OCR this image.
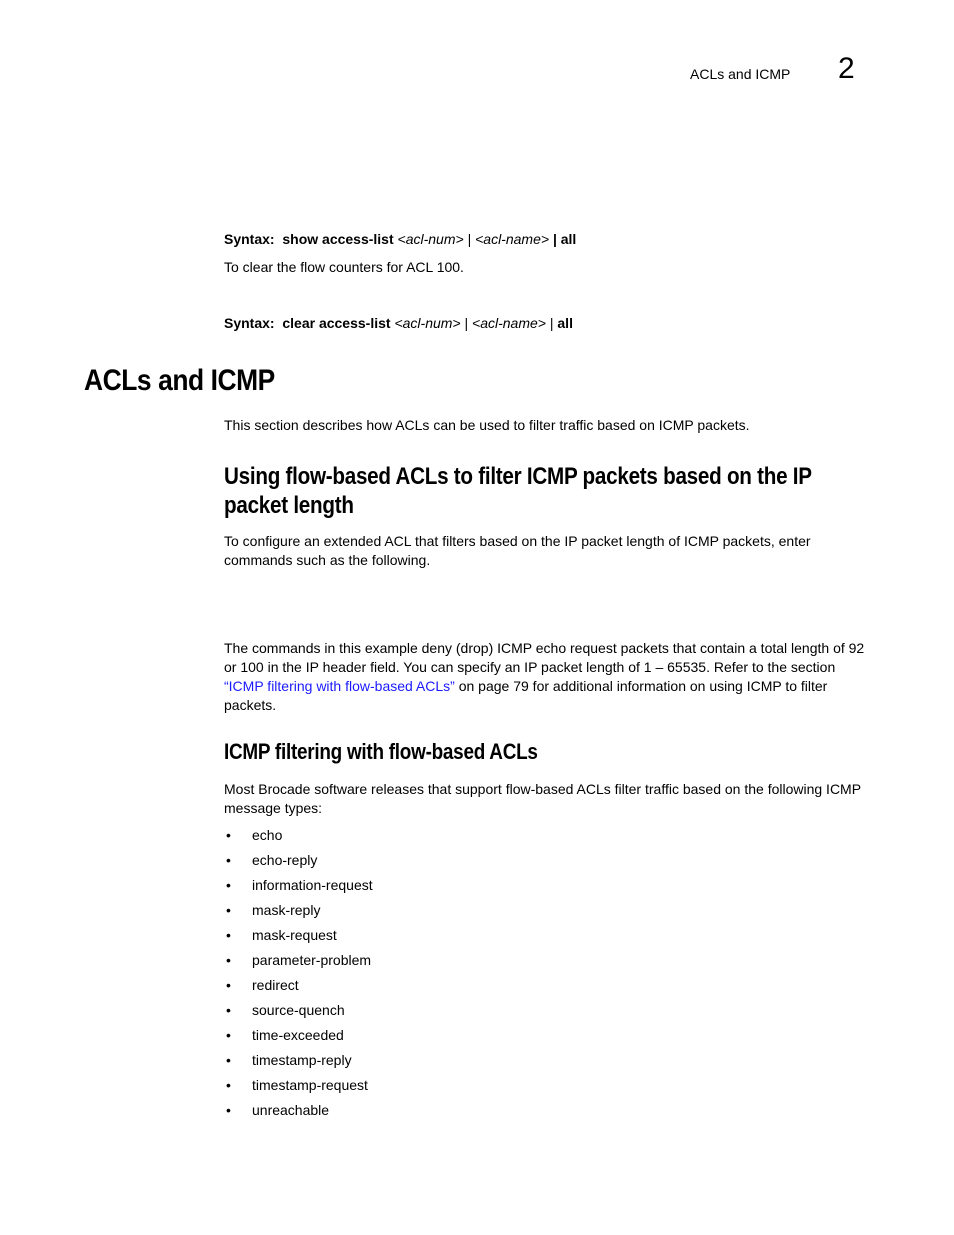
ACLs and ICMP 2
Syntax: show access-list <acl-num> | <acl-name> | all
To clear the flow counters for ACL 100.
Syntax: clear access-list <acl-num> | <acl-name> | all
ACLs and ICMP
This section describes how ACLs can be used to filter traffic based on ICMP packets.
Using flow-based ACLs to filter ICMP packets based on the IP packet length
To configure an extended ACL that filters based on the IP packet length of ICMP packets, enter commands such as the following.
The commands in this example deny (drop) ICMP echo request packets that contain a total length of 92 or 100 in the IP header field. You can specify an IP packet length of 1 – 65535. Refer to the section “ICMP filtering with flow-based ACLs” on page 79 for additional information on using ICMP to filter packets.
ICMP filtering with flow-based ACLs
Most Brocade software releases that support flow-based ACLs filter traffic based on the following ICMP message types:
• echo
• echo-reply
• information-request
• mask-reply
• mask-request
• parameter-problem
• redirect
• source-quench
• time-exceeded
• timestamp-reply
• timestamp-request
• unreachable
